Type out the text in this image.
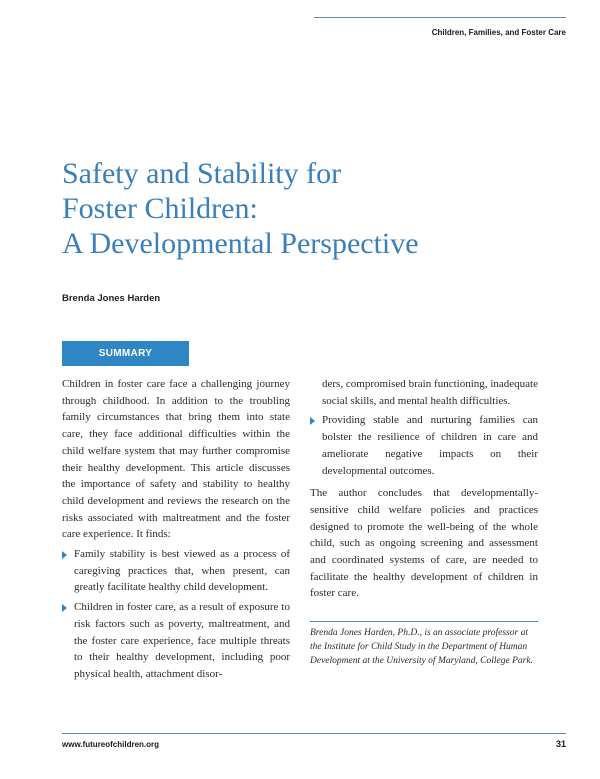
Children, Families, and Foster Care
Safety and Stability for
Foster Children:
A Developmental Perspective
Brenda Jones Harden
SUMMARY

Children in foster care face a challenging journey through childhood. In addition to the troubling family circumstances that bring them into state care, they face additional difficulties within the child welfare system that may further compromise their healthy development. This article discusses the importance of safety and stability to healthy child development and reviews the research on the risks associated with maltreatment and the foster care experience. It finds:

Family stability is best viewed as a process of caregiving practices that, when present, can greatly facilitate healthy child development.
Children in foster care, as a result of exposure to risk factors such as poverty, maltreatment, and the foster care experience, face multiple threats to their healthy development, including poor physical health, attachment disor-

ders, compromised brain functioning, inadequate social skills, and mental health difficulties.

Providing stable and nurturing families can bolster the resilience of children in care and ameliorate negative impacts on their developmental outcomes.

The author concludes that developmentally-sensitive child welfare policies and practices designed to promote the well-being of the whole child, such as ongoing screening and assessment and coordinated systems of care, are needed to facilitate the healthy development of children in foster care.

Brenda Jones Harden, Ph.D., is an associate professor at the Institute for Child Study in the Department of Human Development at the University of Maryland, College Park.
www.futureofchildren.org	31
